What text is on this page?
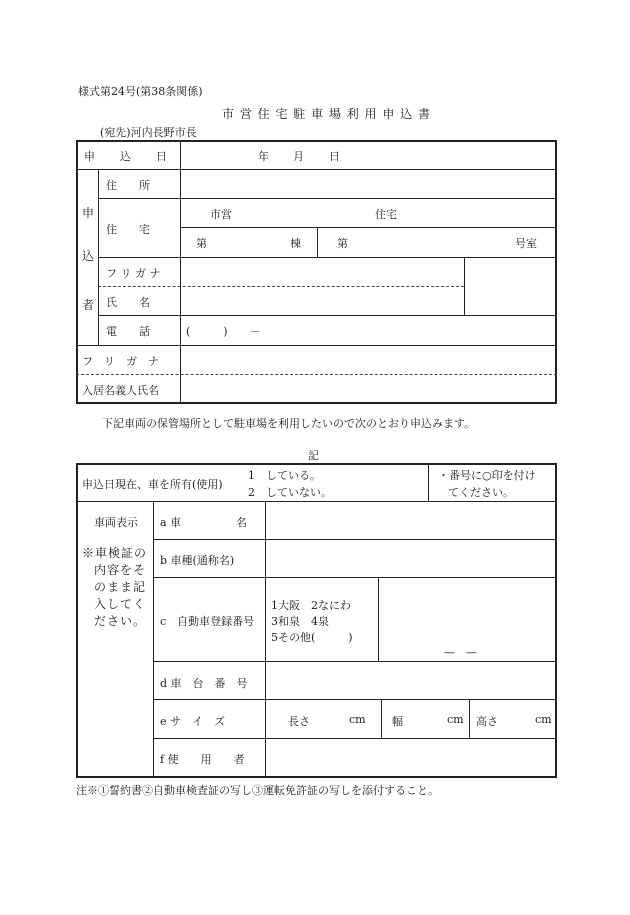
様式第24号(第38条関係)
市 営 住 宅 駐 車 場 利 用 申 込 書
(宛先)河内長野市長
申　　込　　日	年 月 日
申
込
者
住　　所
住　　宅
市営	住宅
第	棟	第	号室
フ リ ガ ナ
氏　　名
電　　話	(　　　)　　－
フ　リ　ガ　ナ
入居名義人氏名
下記車両の保管場所として駐車場を利用したいので次のとおり申込みます。
記
申込日現在、車を所有(使用)
1　している。
2　していない。
・番号に○印を付け
てください。
車両表示
※車検証の
内容をそ
のまま記
入してく
ださい。
a 車　　　　　名
b 車種(通称名)
c　自動車登録番号
1大阪　2なにわ
3和泉　4泉
5その他(　　　)
—　—
d 車　台　番　号
e サ　イ　ズ	長さ	cm 幅	cm 高さ	cm
f 使　　用　　者
注※①誓約書②自動車検査証の写し③運転免許証の写しを添付すること。
